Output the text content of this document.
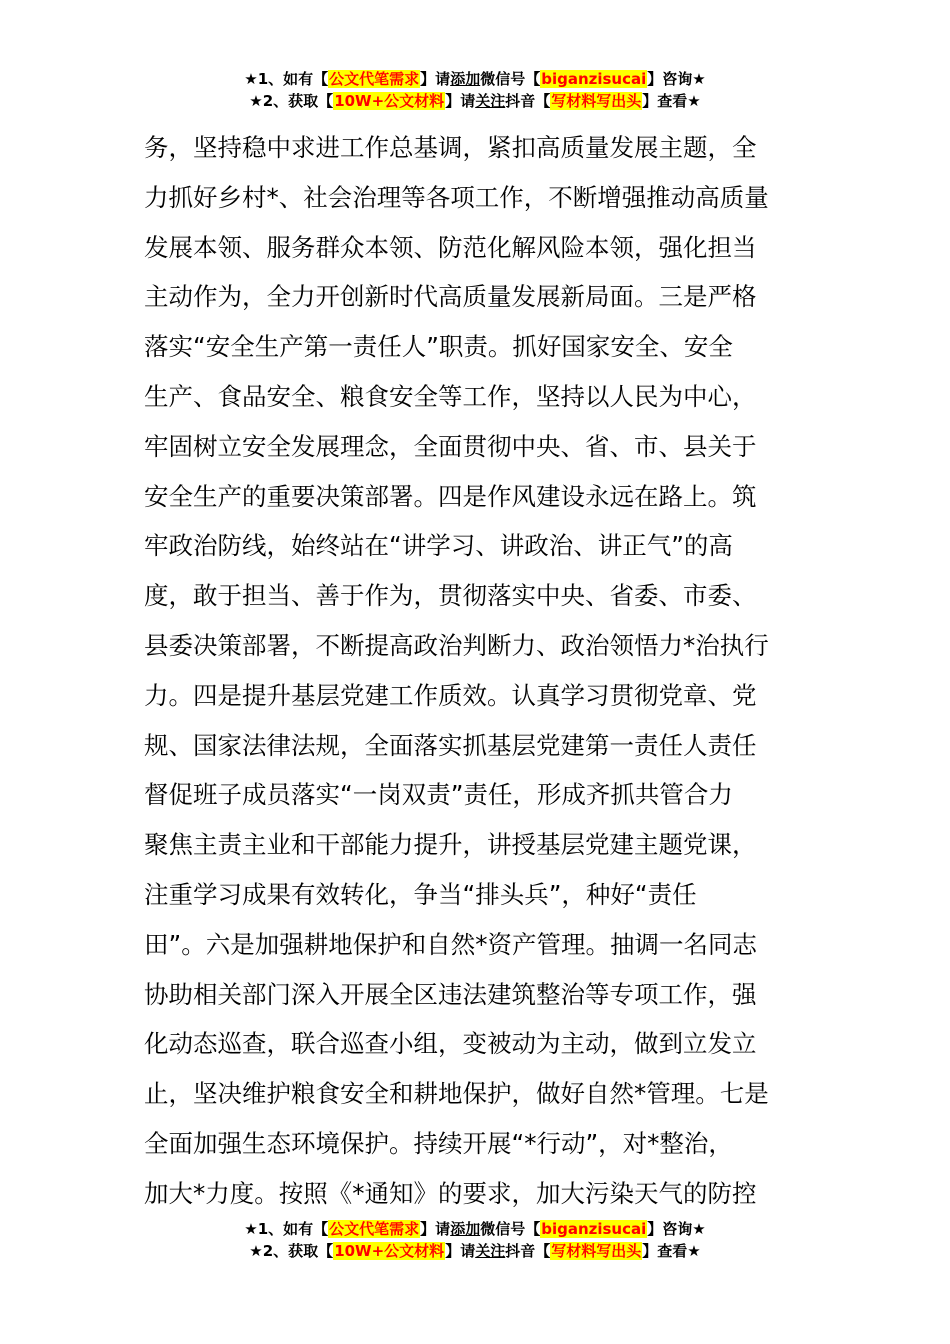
★1、如有【公文代笔需求】请添加微信号【biganzisucai】咨询★
★2、获取【10W+公文材料】请关注抖音【写材料写出头】查看★
务，坚持稳中求进工作总基调，紧扣高质量发展主题，全
力抓好乡村*、社会治理等各项工作，不断增强推动高质量
发展本领、服务群众本领、防范化解风险本领，强化担当
主动作为，全力开创新时代高质量发展新局面。三是严格
落实“安全生产第一责任人”职责。抓好国家安全、安全
生产、食品安全、粮食安全等工作，坚持以人民为中心，
牢固树立安全发展理念，全面贯彻中央、省、市、县关于
安全生产的重要决策部署。四是作风建设永远在路上。筑
牢政治防线，始终站在“讲学习、讲政治、讲正气”的高
度，敢于担当、善于作为，贯彻落实中央、省委、市委、
县委决策部署，不断提高政治判断力、政治领悟力*治执行
力。四是提升基层党建工作质效。认真学习贯彻党章、党
规、国家法律法规，全面落实抓基层党建第一责任人责任
督促班子成员落实“一岗双责”责任，形成齐抓共管合力
聚焦主责主业和干部能力提升，讲授基层党建主题党课，
注重学习成果有效转化，争当“排头兵”，种好“责任
田”。六是加强耕地保护和自然*资产管理。抽调一名同志
协助相关部门深入开展全区违法建筑整治等专项工作，强
化动态巡查，联合巡查小组，变被动为主动，做到立发立
止，坚决维护粮食安全和耕地保护，做好自然*管理。七是
全面加强生态环境保护。持续开展“*行动”，对*整治，
加大*力度。按照《*通知》的要求，加大污染天气的防控
★1、如有【公文代笔需求】请添加微信号【biganzisucai】咨询★
★2、获取【10W+公文材料】请关注抖音【写材料写出头】查看★
